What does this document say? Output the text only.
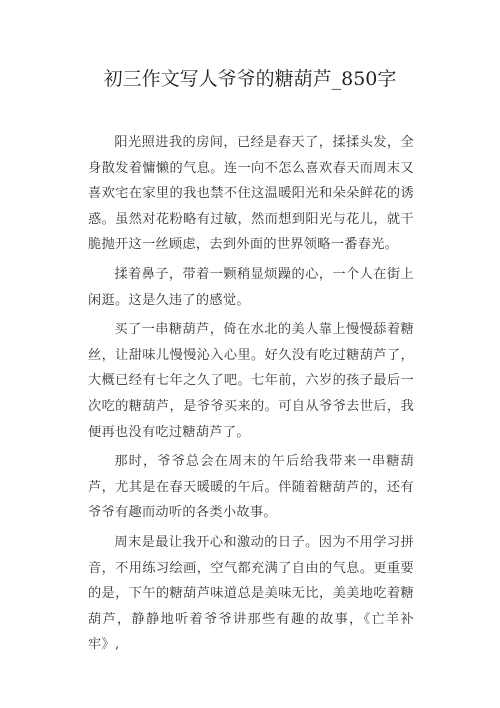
初三作文写人爷爷的糖葫芦_850字

阳光照进我的房间，已经是春天了，揉揉头发，全身散发着慵懒的气息。连一向不怎么喜欢春天而周末又喜欢宅在家里的我也禁不住这温暖阳光和朵朵鲜花的诱惑。虽然对花粉略有过敏，然而想到阳光与花儿，就干脆抛开这一丝顾虑，去到外面的世界领略一番春光。

揉着鼻子，带着一颗稍显烦躁的心，一个人在街上闲逛。这是久违了的感觉。

买了一串糖葫芦，倚在水北的美人靠上慢慢舔着糖丝，让甜味儿慢慢沁入心里。好久没有吃过糖葫芦了，大概已经有七年之久了吧。七年前，六岁的孩子最后一次吃的糖葫芦，是爷爷买来的。可自从爷爷去世后，我便再也没有吃过糖葫芦了。

那时，爷爷总会在周末的午后给我带来一串糖葫芦，尤其是在春天暖暖的午后。伴随着糖葫芦的，还有爷爷有趣而动听的各类小故事。

周末是最让我开心和激动的日子。因为不用学习拼音，不用练习绘画，空气都充满了自由的气息。更重要的是，下午的糖葫芦味道总是美味无比，美美地吃着糖葫芦，静静地听着爷爷讲那些有趣的故事，《亡羊补牢》,
